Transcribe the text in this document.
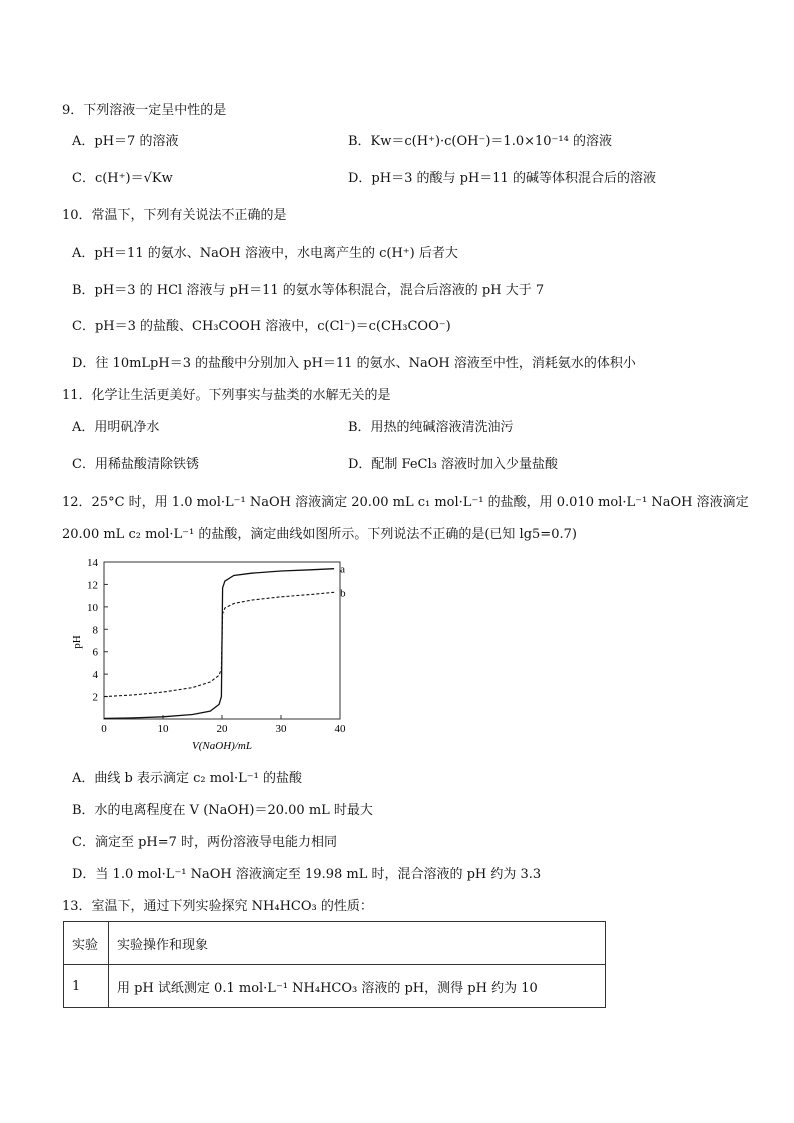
9．下列溶液一定呈中性的是
A．pH＝7 的溶液	B．Kw＝c(H⁺)·c(OH⁻)＝1.0×10⁻¹⁴ 的溶液
C．c(H⁺)＝√Kw	D．pH＝3 的酸与 pH＝11 的碱等体积混合后的溶液
10．常温下，下列有关说法不正确的是
A．pH＝11 的氨水、NaOH 溶液中，水电离产生的 c(H⁺) 后者大
B．pH＝3 的 HCl 溶液与 pH＝11 的氨水等体积混合，混合后溶液的 pH 大于 7
C．pH＝3 的盐酸、CH₃COOH 溶液中，c(Cl⁻)＝c(CH₃COO⁻)
D．往 10mLpH＝3 的盐酸中分别加入 pH＝11 的氨水、NaOH 溶液至中性，消耗氨水的体积小
11．化学让生活更美好。下列事实与盐类的水解无关的是
A．用明矾净水	B．用热的纯碱溶液清洗油污
C．用稀盐酸清除铁锈	D．配制 FeCl₃ 溶液时加入少量盐酸
12．25°C 时，用 1.0 mol·L⁻¹ NaOH 溶液滴定 20.00 mL c₁ mol·L⁻¹ 的盐酸，用 0.010 mol·L⁻¹ NaOH 溶液滴定
20.00 mL c₂ mol·L⁻¹ 的盐酸，滴定曲线如图所示。下列说法不正确的是(已知 lg5=0.7)
0	10	20	30	40
2
4
6
8
10
12
14
a
b
V(NaOH)/mL
pH
A．曲线 b 表示滴定 c₂ mol·L⁻¹ 的盐酸
B．水的电离程度在 V (NaOH)＝20.00 mL 时最大
C．滴定至 pH=7 时，两份溶液导电能力相同
D．当 1.0 mol·L⁻¹ NaOH 溶液滴定至 19.98 mL 时，混合溶液的 pH 约为 3.3
13．室温下，通过下列实验探究 NH₄HCO₃ 的性质：
实验	实验操作和现象
1	用 pH 试纸测定 0.1 mol·L⁻¹ NH₄HCO₃ 溶液的 pH，测得 pH 约为 10
